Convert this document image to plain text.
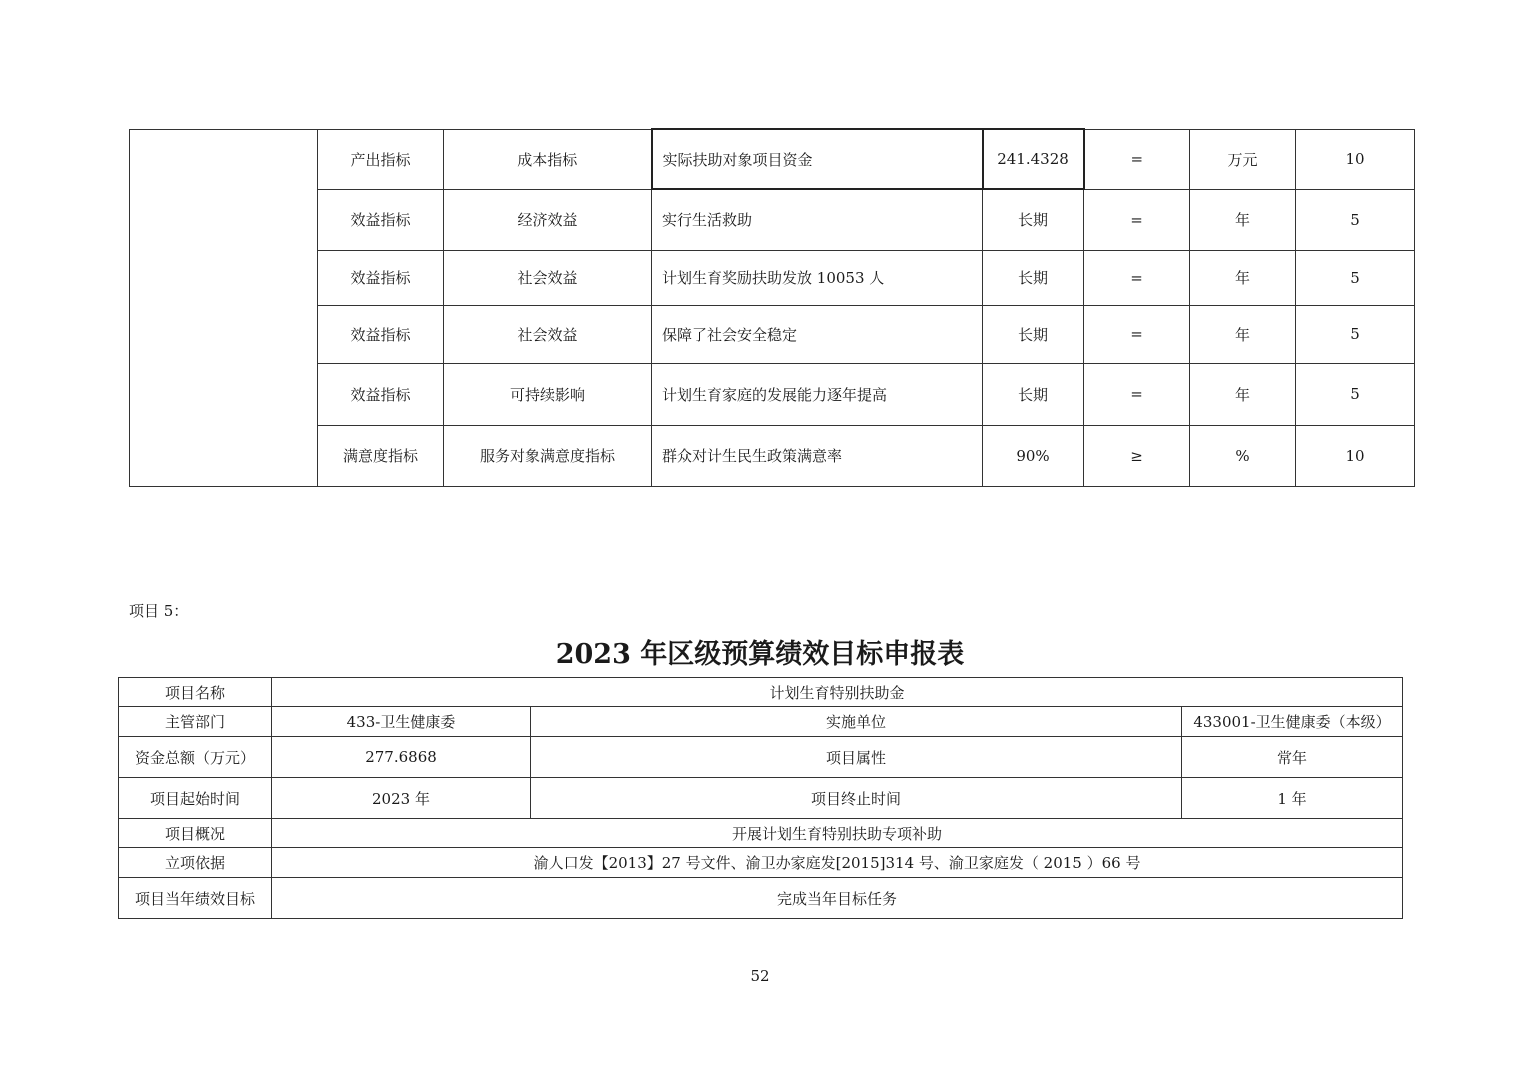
	产出指标	成本指标	实际扶助对象项目资金	241.4328	=	万元	10
	效益指标	经济效益	实行生活救助	长期	=	年	5
	效益指标	社会效益	计划生育奖励扶助发放 10053 人	长期	=	年	5
	效益指标	社会效益	保障了社会安全稳定	长期	=	年	5
	效益指标	可持续影响	计划生育家庭的发展能力逐年提高	长期	=	年	5
	满意度指标	服务对象满意度指标	群众对计生民生政策满意率	90%	≥	%	10
项目 5：
2023 年区级预算绩效目标申报表
项目名称	计划生育特别扶助金		
主管部门	433-卫生健康委	实施单位	433001-卫生健康委（本级）
资金总额（万元）	277.6868	项目属性	常年
项目起始时间	2023 年	项目终止时间	1 年
项目概况	开展计划生育特别扶助专项补助		
立项依据	渝人口发【2013】27 号文件、渝卫办家庭发[2015]314 号、渝卫家庭发（ 2015 ）66 号		
项目当年绩效目标	完成当年目标任务		
52
